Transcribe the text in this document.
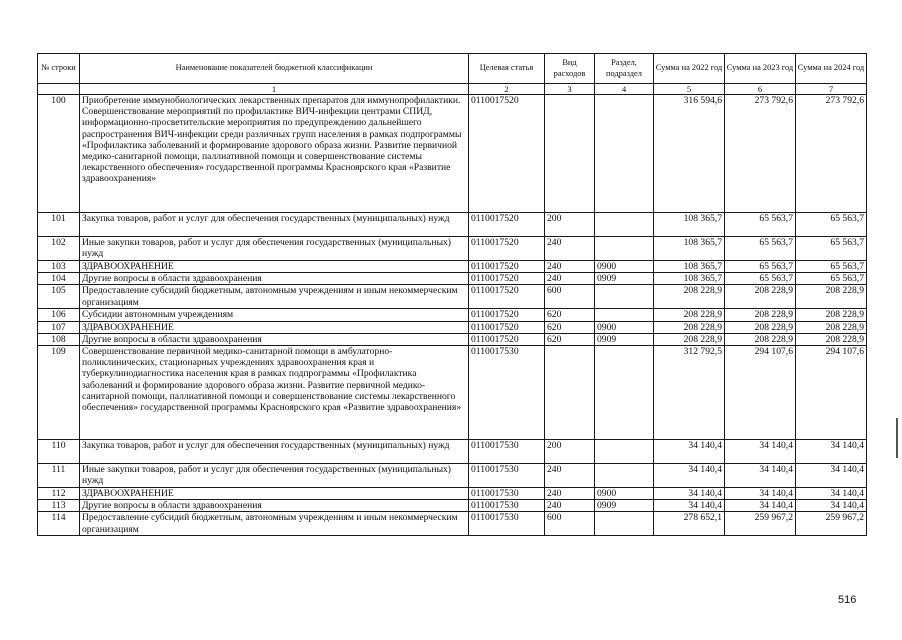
№ строки	Наименование показателей бюджетной классификации	Целевая статья	Вид расходов	Раздел, подраздел	Сумма на 2022 год	Сумма на 2023 год	Сумма на 2024 год
	1	2	3	4	5	6	7
100	Приобретение иммунобиологических лекарственных препаратов для иммунопрофилактики. Совершенствование мероприятий по профилактике ВИЧ-инфекции центрами СПИД, информационно-просветительские мероприятия по предупреждению дальнейшего распространения ВИЧ-инфекции среди различных групп населения в рамках подпрограммы «Профилактика заболеваний и формирование здорового образа жизни. Развитие первичной медико-санитарной помощи, паллиативной помощи и совершенствование системы лекарственного обеспечения» государственной программы Красноярского края «Развитие здравоохранения»	0110017520			316 594,6	273 792,6	273 792,6
101	Закупка товаров, работ и услуг для обеспечения государственных (муниципальных) нужд	0110017520	200		108 365,7	65 563,7	65 563,7
102	Иные закупки товаров, работ и услуг для обеспечения государственных (муниципальных) нужд	0110017520	240		108 365,7	65 563,7	65 563,7
103	ЗДРАВООХРАНЕНИЕ	0110017520	240	0900	108 365,7	65 563,7	65 563,7
104	Другие вопросы в области здравоохранения	0110017520	240	0909	108 365,7	65 563,7	65 563,7
105	Предоставление субсидий бюджетным, автономным учреждениям и иным некоммерческим организациям	0110017520	600		208 228,9	208 228,9	208 228,9
106	Субсидии автономным учреждениям	0110017520	620		208 228,9	208 228,9	208 228,9
107	ЗДРАВООХРАНЕНИЕ	0110017520	620	0900	208 228,9	208 228,9	208 228,9
108	Другие вопросы в области здравоохранения	0110017520	620	0909	208 228,9	208 228,9	208 228,9
109	Совершенствование первичной медико-санитарной помощи в амбулаторно-поликлинических, стационарных учреждениях здравоохранения края и туберкулинодиагностика населения края в рамках подпрограммы «Профилактика заболеваний и формирование здорового образа жизни. Развитие первичной медико-санитарной помощи, паллиативной помощи и совершенствование системы лекарственного обеспечения» государственной программы Красноярского края «Развитие здравоохранения»	0110017530			312 792,5	294 107,6	294 107,6
110	Закупка товаров, работ и услуг для обеспечения государственных (муниципальных) нужд	0110017530	200		34 140,4	34 140,4	34 140,4
111	Иные закупки товаров, работ и услуг для обеспечения государственных (муниципальных) нужд	0110017530	240		34 140,4	34 140,4	34 140,4
112	ЗДРАВООХРАНЕНИЕ	0110017530	240	0900	34 140,4	34 140,4	34 140,4
113	Другие вопросы в области здравоохранения	0110017530	240	0909	34 140,4	34 140,4	34 140,4
114	Предоставление субсидий бюджетным, автономным учреждениям и иным некоммерческим организациям	0110017530	600		278 652,1	259 967,2	259 967,2
516
